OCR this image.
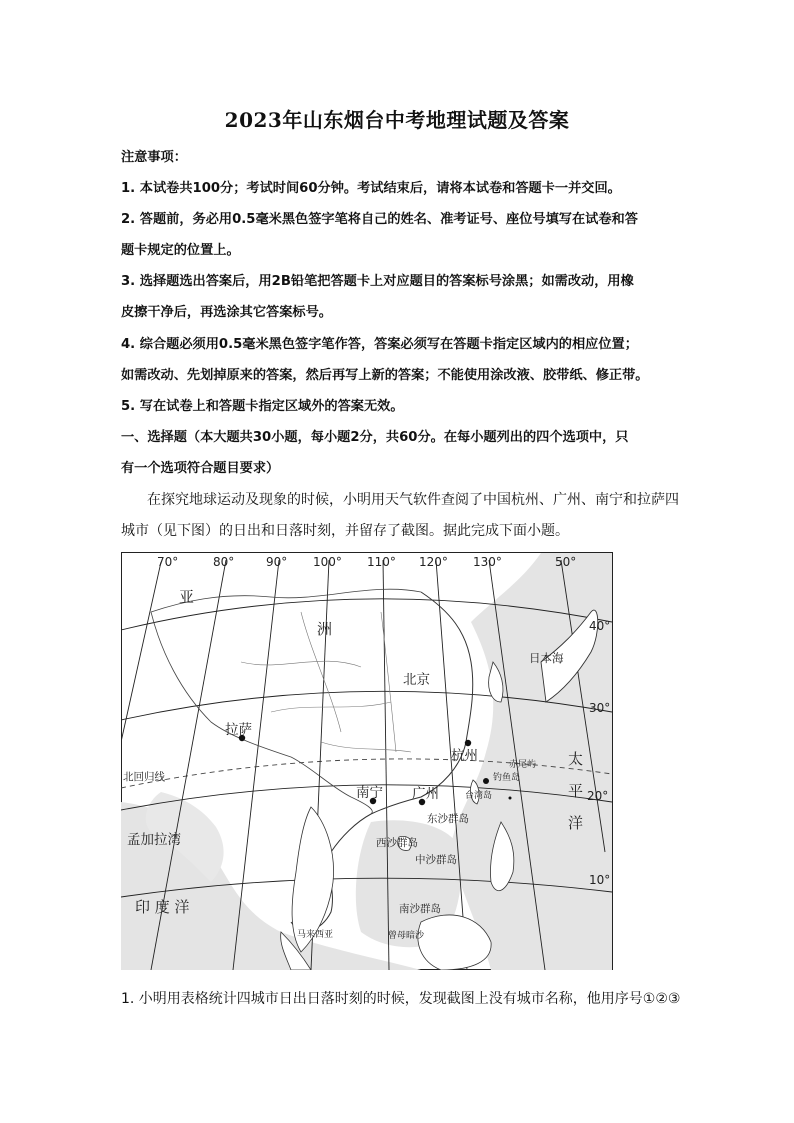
2023年山东烟台中考地理试题及答案
注意事项：
1. 本试卷共100分；考试时间60分钟。考试结束后，请将本试卷和答题卡一并交回。
2. 答题前，务必用0.5毫米黑色签字笔将自己的姓名、准考证号、座位号填写在试卷和答
题卡规定的位置上。
3. 选择题选出答案后，用2B铅笔把答题卡上对应题目的答案标号涂黑；如需改动，用橡
皮擦干净后，再选涂其它答案标号。
4. 综合题必须用0.5毫米黑色签字笔作答，答案必须写在答题卡指定区域内的相应位置；
如需改动、先划掉原来的答案，然后再写上新的答案；不能使用涂改液、胶带纸、修正带。
5. 写在试卷上和答题卡指定区域外的答案无效。
一、选择题（本大题共30小题，每小题2分，共60分。在每小题列出的四个选项中，只
有一个选项符合题目要求）
在探究地球运动及现象的时候，小明用天气软件查阅了中国杭州、广州、南宁和拉萨四
城市（见下图）的日出和日落时刻，并留存了截图。据此完成下面小题。
70°	80°	90° 100° 110° 120° 130°	50°
40°
30°
20°
10°
北回归线
亚
洲
日本海
太
平
洋
孟加拉湾
印 度 洋
北京
拉萨
杭州
南宁 广州
赤尾屿
钓鱼岛
台湾岛
东沙群岛
西沙群岛
中沙群岛
南沙群岛
马来西亚	曾母暗沙
1. 小明用表格统计四城市日出日落时刻的时候，发现截图上没有城市名称，他用序号①②③
